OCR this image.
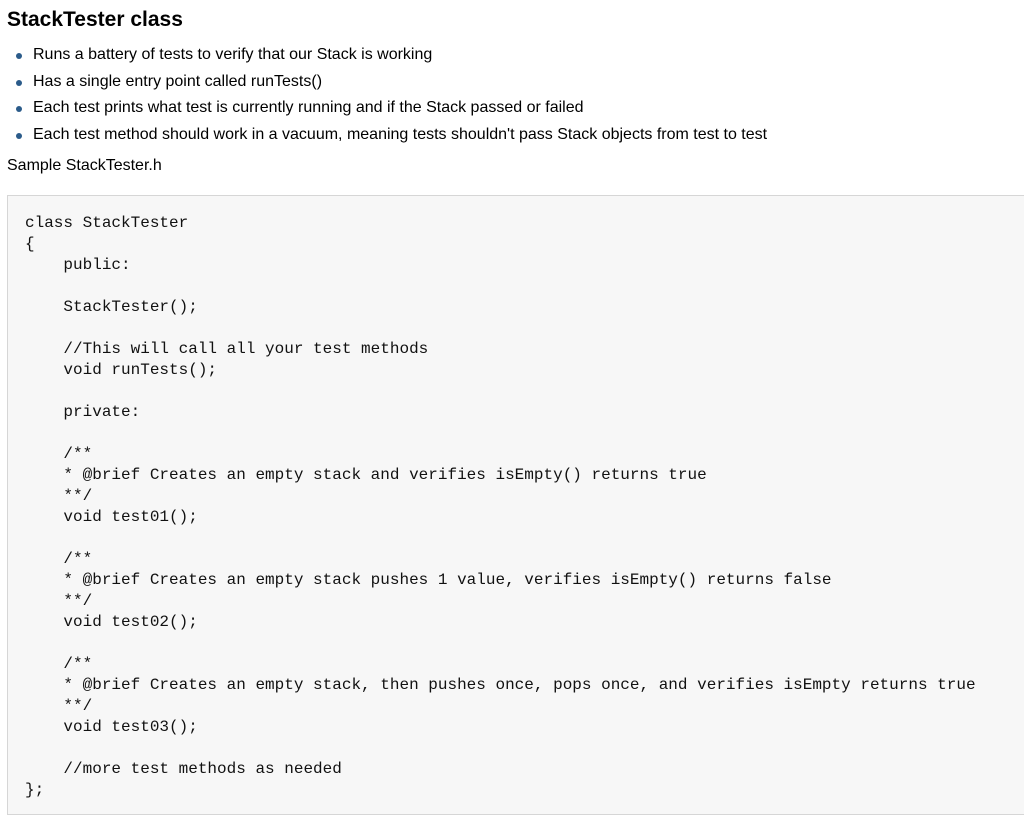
StackTester class
Runs a battery of tests to verify that our Stack is working
Has a single entry point called runTests()
Each test prints what test is currently running and if the Stack passed or failed
Each test method should work in a vacuum, meaning tests shouldn't pass Stack objects from test to test
Sample StackTester.h
class StackTester
{
public:
StackTester();
//This will call all your test methods
void runTests();
private:
/**
* @brief Creates an empty stack and verifies isEmpty() returns true
**/
void test01();
/**
* @brief Creates an empty stack pushes 1 value, verifies isEmpty() returns false
**/
void test02();
/**
* @brief Creates an empty stack, then pushes once, pops once, and verifies isEmpty returns true
**/
void test03();
//more test methods as needed
};
